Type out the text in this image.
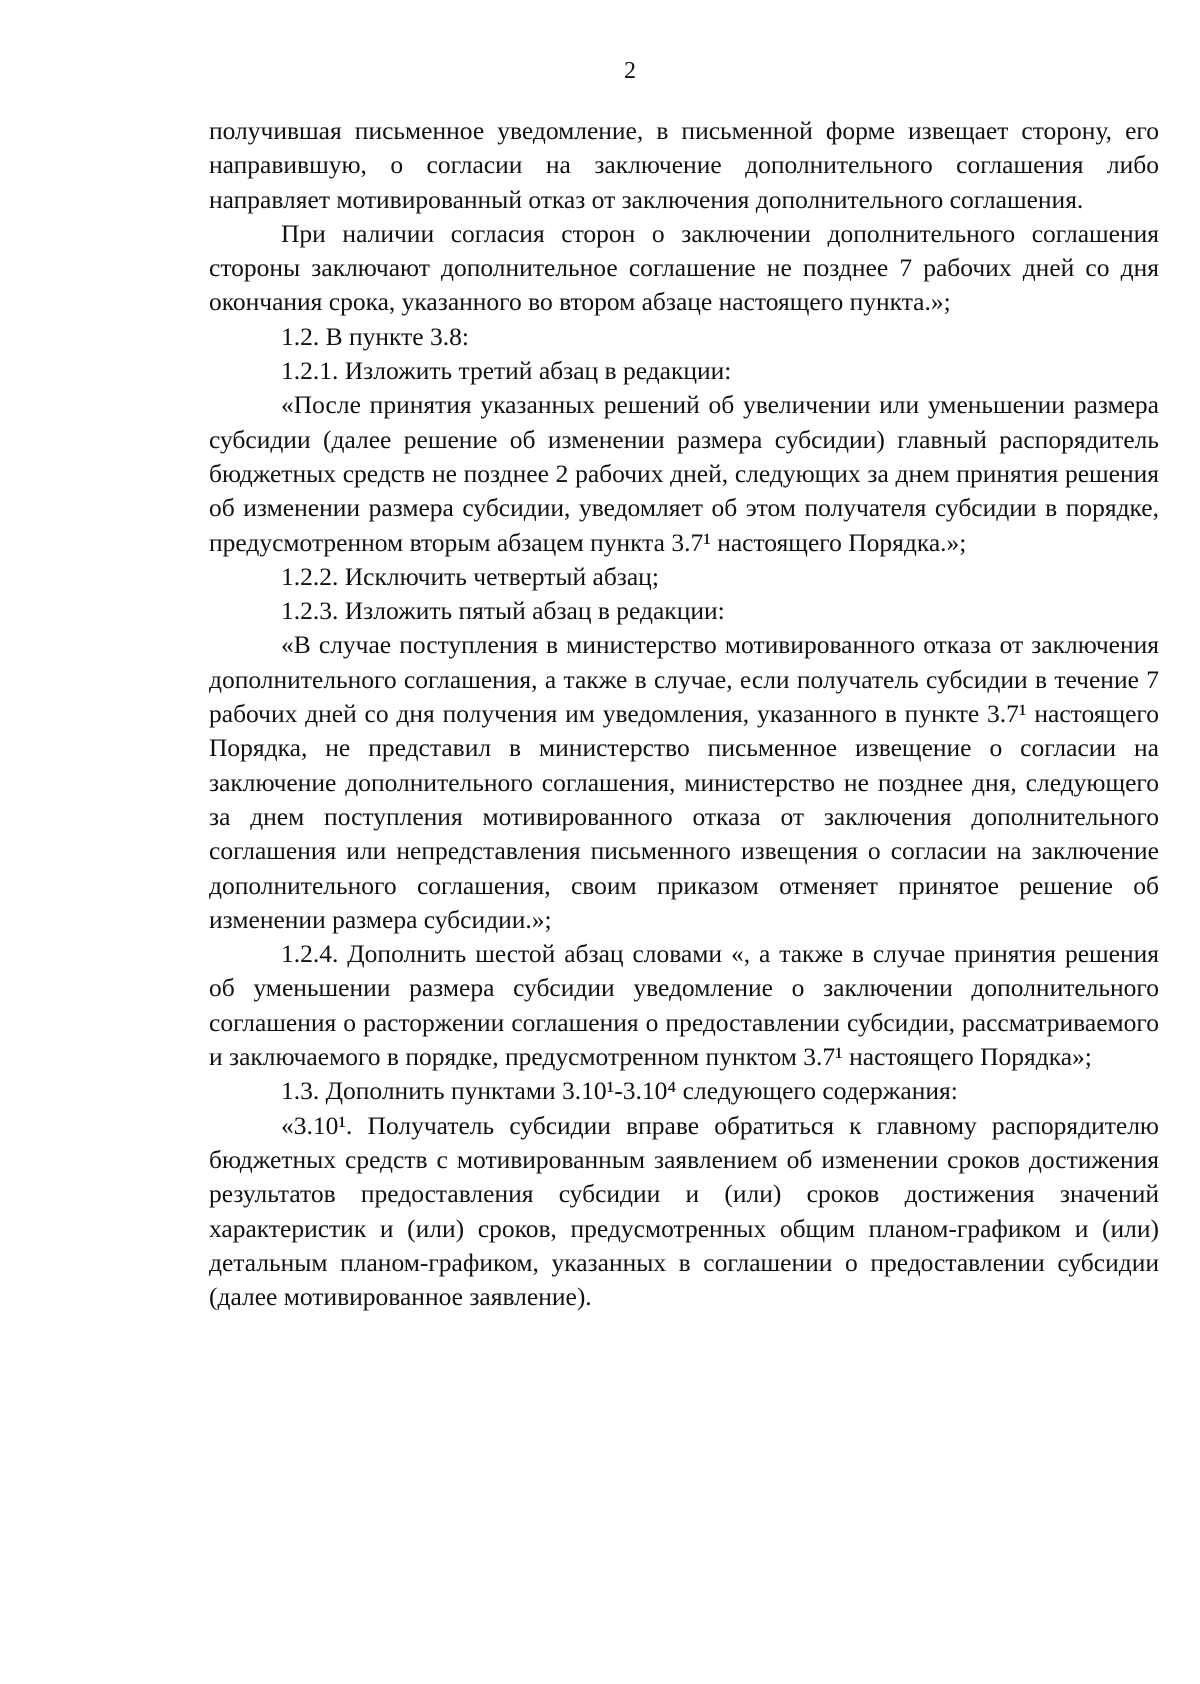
2

получившая письменное уведомление, в письменной форме извещает сторону, его направившую, о согласии на заключение дополнительного соглашения либо направляет мотивированный отказ от заключения дополнительного соглашения.

При наличии согласия сторон о заключении дополнительного соглашения стороны заключают дополнительное соглашение не позднее 7 рабочих дней со дня окончания срока, указанного во втором абзаце настоящего пункта.»;

1.2. В пункте 3.8:

1.2.1. Изложить третий абзац в редакции:

«После принятия указанных решений об увеличении или уменьшении размера субсидии (далее решение об изменении размера субсидии) главный распорядитель бюджетных средств не позднее 2 рабочих дней, следующих за днем принятия решения об изменении размера субсидии, уведомляет об этом получателя субсидии в порядке, предусмотренном вторым абзацем пункта 3.7¹ настоящего Порядка.»;

1.2.2. Исключить четвертый абзац;

1.2.3. Изложить пятый абзац в редакции:

«В случае поступления в министерство мотивированного отказа от заключения дополнительного соглашения, а также в случае, если получатель субсидии в течение 7 рабочих дней со дня получения им уведомления, указанного в пункте 3.7¹ настоящего Порядка, не представил в министерство письменное извещение о согласии на заключение дополнительного соглашения, министерство не позднее дня, следующего за днем поступления мотивированного отказа от заключения дополнительного соглашения или непредставления письменного извещения о согласии на заключение дополнительного соглашения, своим приказом отменяет принятое решение об изменении размера субсидии.»;

1.2.4. Дополнить шестой абзац словами «, а также в случае принятия решения об уменьшении размера субсидии уведомление о заключении дополнительного соглашения о расторжении соглашения о предоставлении субсидии, рассматриваемого и заключаемого в порядке, предусмотренном пунктом 3.7¹ настоящего Порядка»;

1.3. Дополнить пунктами 3.10¹-3.10⁴ следующего содержания:

«3.10¹. Получатель субсидии вправе обратиться к главному распорядителю бюджетных средств с мотивированным заявлением об изменении сроков достижения результатов предоставления субсидии и (или) сроков достижения значений характеристик и (или) сроков, предусмотренных общим планом-графиком и (или) детальным планом-графиком, указанных в соглашении о предоставлении субсидии (далее мотивированное заявление).
